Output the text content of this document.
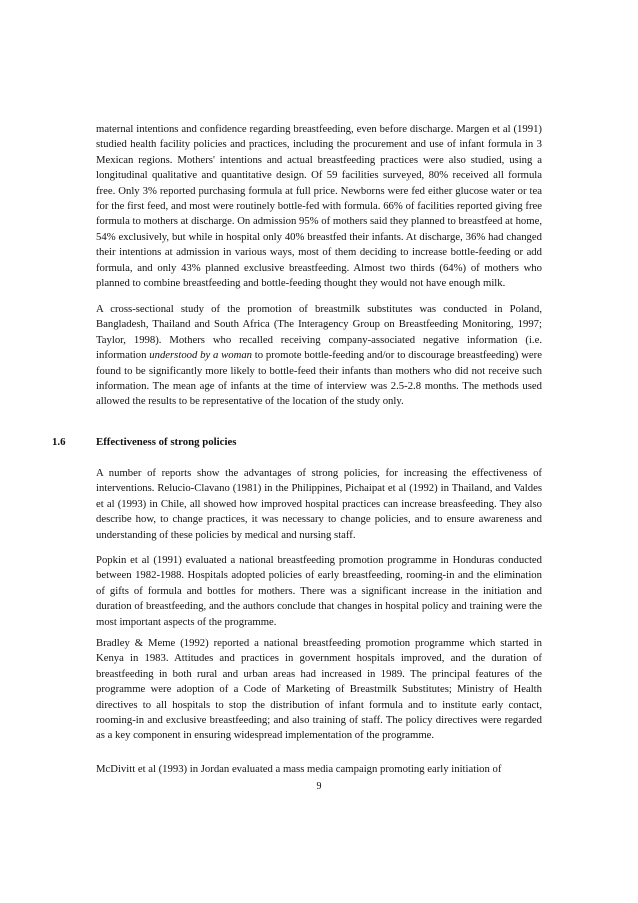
maternal intentions and confidence regarding breastfeeding, even before discharge. Margen et al (1991) studied health facility policies and practices, including the procurement and use of infant formula in 3 Mexican regions. Mothers' intentions and actual breastfeeding practices were also studied, using a longitudinal qualitative and quantitative design. Of 59 facilities surveyed, 80% received all formula free. Only 3% reported purchasing formula at full price. Newborns were fed either glucose water or tea for the first feed, and most were routinely bottle-fed with formula. 66% of facilities reported giving free formula to mothers at discharge. On admission 95% of mothers said they planned to breastfeed at home, 54% exclusively, but while in hospital only 40% breastfed their infants. At discharge, 36% had changed their intentions at admission in various ways, most of them deciding to increase bottle-feeding or add formula, and only 43% planned exclusive breastfeeding. Almost two thirds (64%) of mothers who planned to combine breastfeeding and bottle-feeding thought they would not have enough milk.

A cross-sectional study of the promotion of breastmilk substitutes was conducted in Poland, Bangladesh, Thailand and South Africa (The Interagency Group on Breastfeeding Monitoring, 1997; Taylor, 1998). Mothers who recalled receiving company-associated negative information (i.e. information understood by a woman to promote bottle-feeding and/or to discourage breastfeeding) were found to be significantly more likely to bottle-feed their infants than mothers who did not receive such information. The mean age of infants at the time of interview was 2.5-2.8 months. The methods used allowed the results to be representative of the location of the study only.

1.6	Effectiveness of strong policies

A number of reports show the advantages of strong policies, for increasing the effectiveness of interventions. Relucio-Clavano (1981) in the Philippines, Pichaipat et al (1992) in Thailand, and Valdes et al (1993) in Chile, all showed how improved hospital practices can increase breasfeeding. They also describe how, to change practices, it was necessary to change policies, and to ensure awareness and understanding of these policies by medical and nursing staff.

Popkin et al (1991) evaluated a national breastfeeding promotion programme in Honduras conducted between 1982-1988. Hospitals adopted policies of early breastfeeding, rooming-in and the elimination of gifts of formula and bottles for mothers. There was a significant increase in the initiation and duration of breastfeeding, and the authors conclude that changes in hospital policy and training were the most important aspects of the programme.

Bradley & Meme (1992) reported a national breastfeeding promotion programme which started in Kenya in 1983. Attitudes and practices in government hospitals improved, and the duration of breastfeeding in both rural and urban areas had increased in 1989. The principal features of the programme were adoption of a Code of Marketing of Breastmilk Substitutes; Ministry of Health directives to all hospitals to stop the distribution of infant formula and to institute early contact, rooming-in and exclusive breastfeeding; and also training of staff. The policy directives were regarded as a key component in ensuring widespread implementation of the programme.

McDivitt et al (1993) in Jordan evaluated a mass media campaign promoting early initiation of

9
